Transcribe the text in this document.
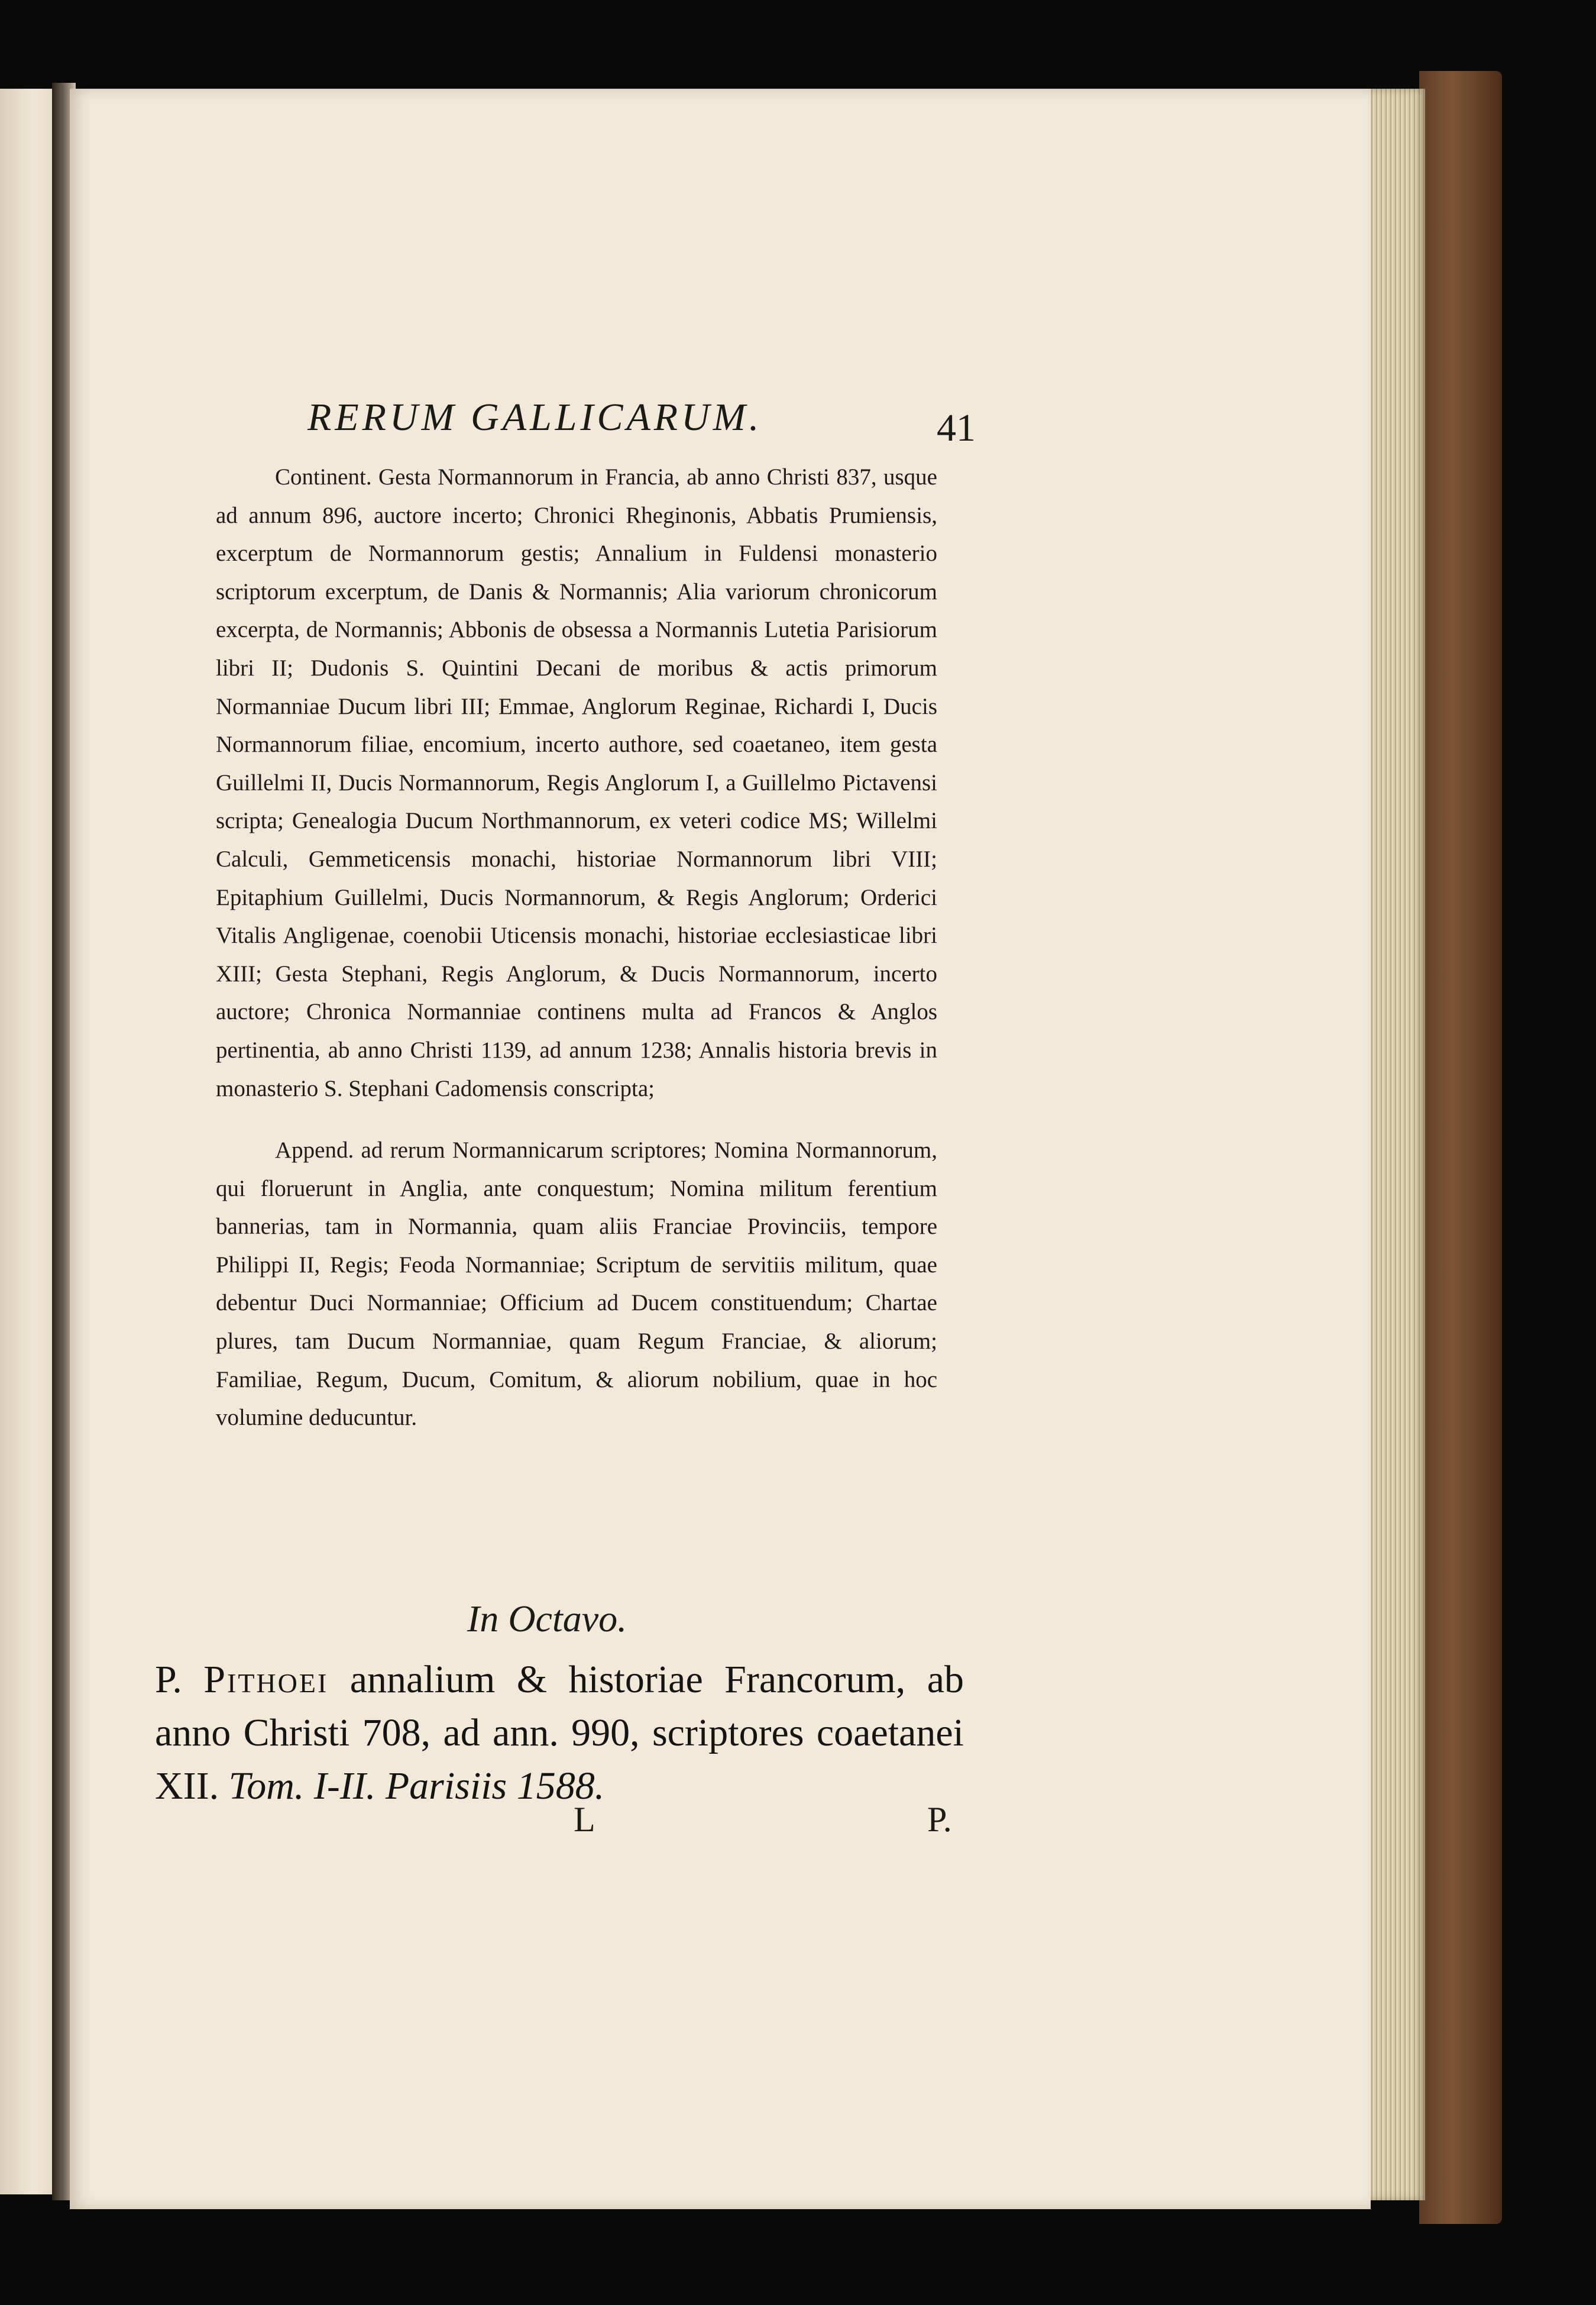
RERUM GALLICARUM.	41

Continent. Gesta Normannorum in Francia, ab anno Christi 837, usque ad annum 896, auctore incerto; Chronici Rheginonis, Abbatis Prumiensis, excerptum de Normannorum gestis; Annalium in Fuldensi monasterio scriptorum excerptum, de Danis & Normannis; Alia variorum chronicorum excerpta, de Normannis; Abbonis de obsessa a Normannis Lutetia Parisiorum libri II; Dudonis S. Quintini Decani de moribus & actis primorum Normanniae Ducum libri III; Emmae, Anglorum Reginae, Richardi I, Ducis Normannorum filiae, encomium, incerto authore, sed coaetaneo, item gesta Guillelmi II, Ducis Normannorum, Regis Anglorum I, a Guillelmo Pictavensi scripta; Genealogia Ducum Northmannorum, ex veteri codice MS; Willelmi Calculi, Gemmeticensis monachi, historiae Normannorum libri VIII; Epitaphium Guillelmi, Ducis Normannorum, & Regis Anglorum; Orderici Vitalis Angligenae, coenobii Uticensis monachi, historiae ecclesiasticae libri XIII; Gesta Stephani, Regis Anglorum, & Ducis Normannorum, incerto auctore; Chronica Normanniae continens multa ad Francos & Anglos pertinentia, ab anno Christi 1139, ad annum 1238; Annalis historia brevis in monasterio S. Stephani Cadomensis conscripta;

Append. ad rerum Normannicarum scriptores; Nomina Normannorum, qui floruerunt in Anglia, ante conquestum; Nomina militum ferentium bannerias, tam in Normannia, quam aliis Franciae Provinciis, tempore Philippi II, Regis; Feoda Normanniae; Scriptum de servitiis militum, quae debentur Duci Normanniae; Officium ad Ducem constituendum; Chartae plures, tam Ducum Normanniae, quam Regum Franciae, & aliorum; Familiae, Regum, Ducum, Comitum, & aliorum nobilium, quae in hoc volumine deducuntur.

In Octavo.
P. Pithoei annalium & historiae Francorum, ab anno Christi 708, ad ann. 990, scriptores coaetanei XII. Tom. I-II. Parisiis 1588.
L	P.
